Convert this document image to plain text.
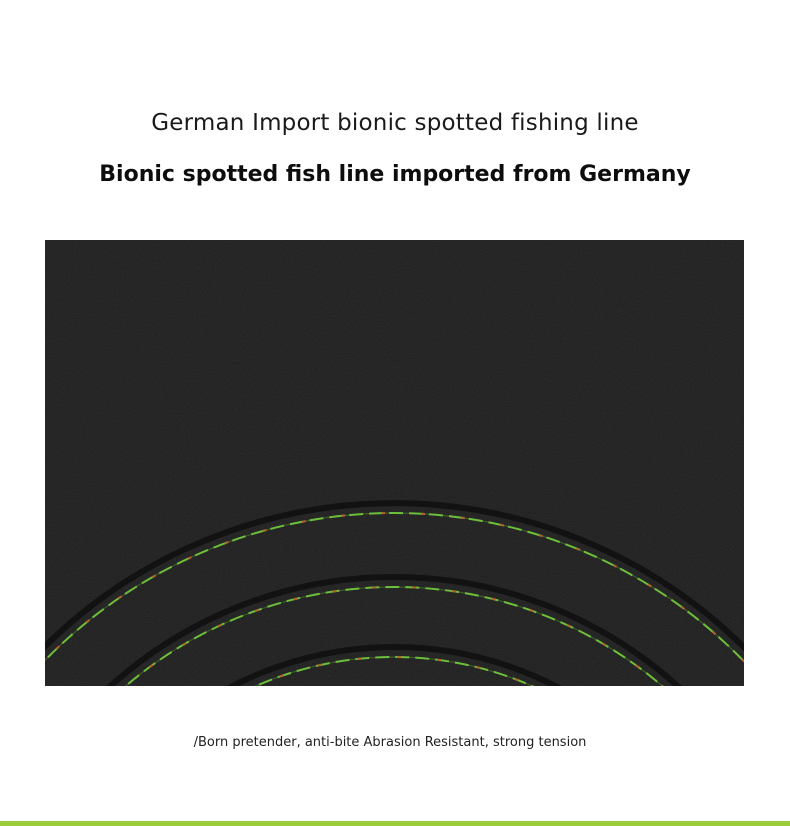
German Import bionic spotted fishing line
Bionic spotted fish line imported from Germany
/Born pretender, anti-bite Abrasion Resistant, strong tension
